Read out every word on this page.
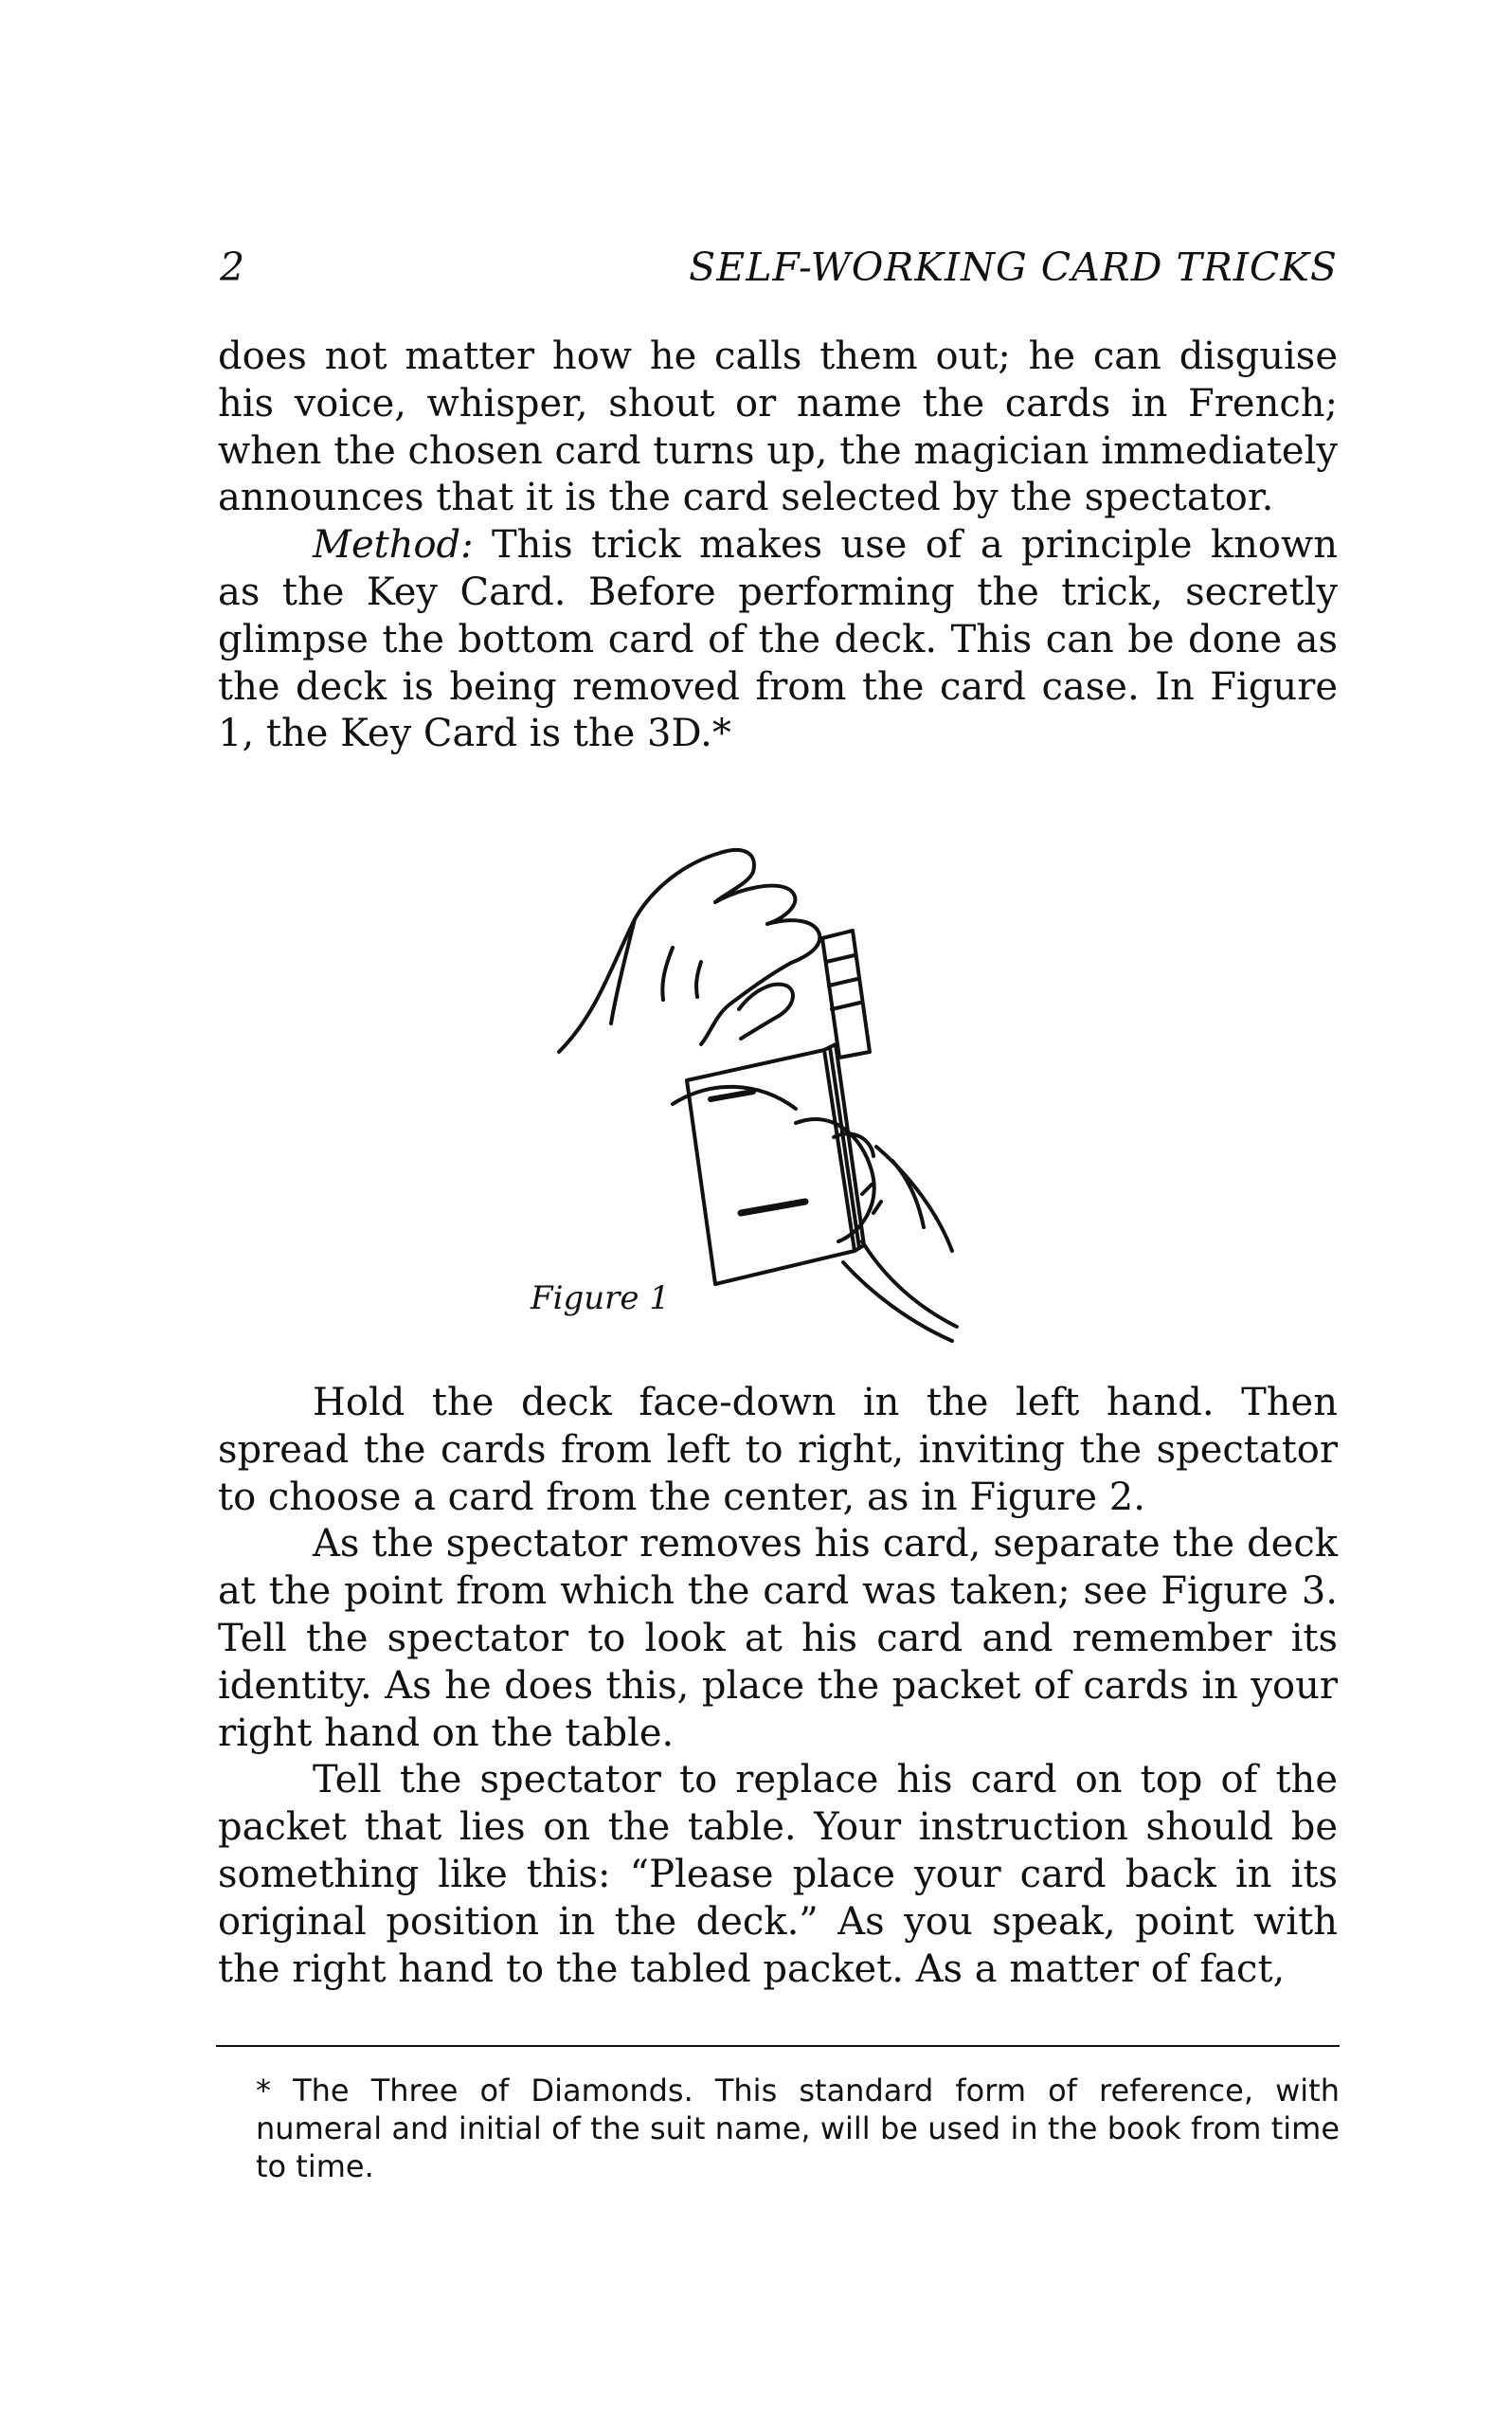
2	SELF-WORKING CARD TRICKS

does not matter how he calls them out; he can disguise his voice, whisper, shout or name the cards in French; when the chosen card turns up, the magician immediately announces that it is the card selected by the spectator.

Method: This trick makes use of a principle known as the Key Card. Before performing the trick, secretly glimpse the bottom card of the deck. This can be done as the deck is being removed from the card case. In Figure 1, the Key Card is the 3D.*

Figure 1

Hold the deck face-down in the left hand. Then spread the cards from left to right, inviting the spectator to choose a card from the center, as in Figure 2.

As the spectator removes his card, separate the deck at the point from which the card was taken; see Figure 3. Tell the spectator to look at his card and remember its identity. As he does this, place the packet of cards in your right hand on the table.

Tell the spectator to replace his card on top of the packet that lies on the table. Your instruction should be something like this: “Please place your card back in its original position in the deck.” As you speak, point with the right hand to the tabled packet. As a matter of fact,

* The Three of Diamonds. This standard form of reference, with numeral and initial of the suit name, will be used in the book from time to time.
